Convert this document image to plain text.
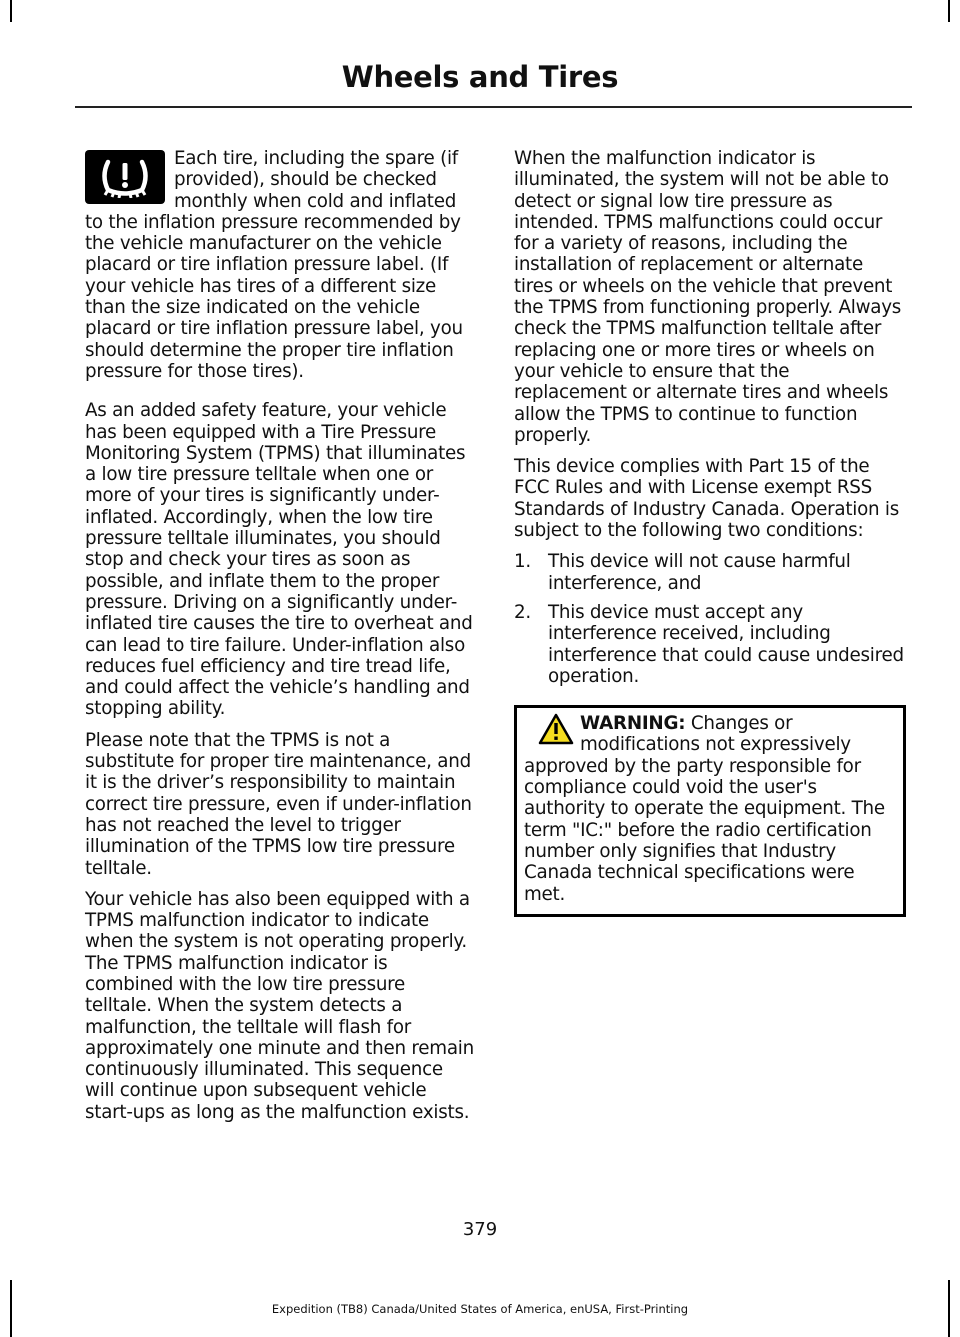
Wheels and Tires

Each tire, including the spare (if provided), should be checked monthly when cold and inflated to the inflation pressure recommended by the vehicle manufacturer on the vehicle placard or tire inflation pressure label. (If your vehicle has tires of a different size than the size indicated on the vehicle placard or tire inflation pressure label, you should determine the proper tire inflation pressure for those tires).

As an added safety feature, your vehicle has been equipped with a Tire Pressure Monitoring System (TPMS) that illuminates a low tire pressure telltale when one or more of your tires is significantly under-inflated. Accordingly, when the low tire pressure telltale illuminates, you should stop and check your tires as soon as possible, and inflate them to the proper pressure. Driving on a significantly under-inflated tire causes the tire to overheat and can lead to tire failure. Under-inflation also reduces fuel efficiency and tire tread life, and could affect the vehicle’s handling and stopping ability.

Please note that the TPMS is not a substitute for proper tire maintenance, and it is the driver’s responsibility to maintain correct tire pressure, even if under-inflation has not reached the level to trigger illumination of the TPMS low tire pressure telltale.

Your vehicle has also been equipped with a TPMS malfunction indicator to indicate when the system is not operating properly. The TPMS malfunction indicator is combined with the low tire pressure telltale. When the system detects a malfunction, the telltale will flash for approximately one minute and then remain continuously illuminated. This sequence will continue upon subsequent vehicle start-ups as long as the malfunction exists.

When the malfunction indicator is illuminated, the system will not be able to detect or signal low tire pressure as intended. TPMS malfunctions could occur for a variety of reasons, including the installation of replacement or alternate tires or wheels on the vehicle that prevent the TPMS from functioning properly. Always check the TPMS malfunction telltale after replacing one or more tires or wheels on your vehicle to ensure that the replacement or alternate tires and wheels allow the TPMS to continue to function properly.

This device complies with Part 15 of the FCC Rules and with License exempt RSS Standards of Industry Canada. Operation is subject to the following two conditions:

1. This device will not cause harmful interference, and
2. This device must accept any interference received, including interference that could cause undesired operation.
WARNING: Changes or modifications not expressively approved by the party responsible for compliance could void the user's authority to operate the equipment. The term "IC:" before the radio certification number only signifies that Industry Canada technical specifications were met.
379
Expedition (TB8) Canada/United States of America, enUSA, First-Printing
